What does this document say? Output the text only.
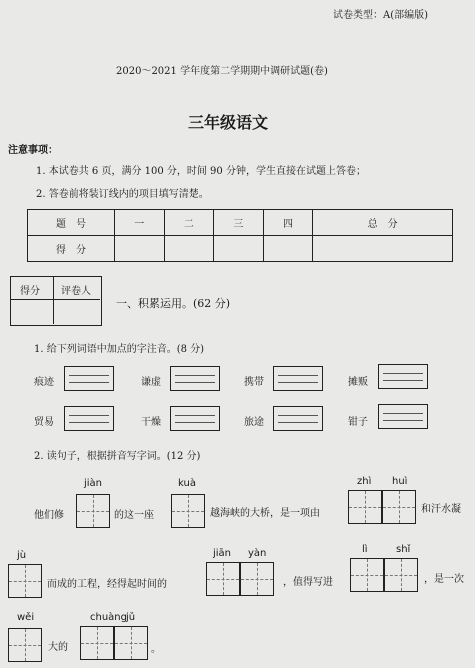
试卷类型：A(部编版)
2020～2021 学年度第二学期期中调研试题(卷)
三年级语文
注意事项：
1. 本试卷共 6 页，满分 100 分，时间 90 分钟，学生直接在试题上答卷；
2. 答卷前将装订线内的项目填写清楚。
题　号	一	二	三	四	总　分
得　分					
得分 评卷人
一、积累运用。(62 分)
1. 给下列词语中加点的字注音。(8 分)
痕迹	谦虚	携带	摊贩
贸易	干燥	旅途	钳子
2. 读句子，根据拼音写字词。(12 分)
jiàn	kuà	zhì huì
他们修	的这一座	越海峡的大桥，是一项由	和汗水凝
jù	jiān yàn	lì	shǐ
而成的工程，经得起时间的	，值得写进	，是一次
wěi	chuàng jǔ
大的	。
